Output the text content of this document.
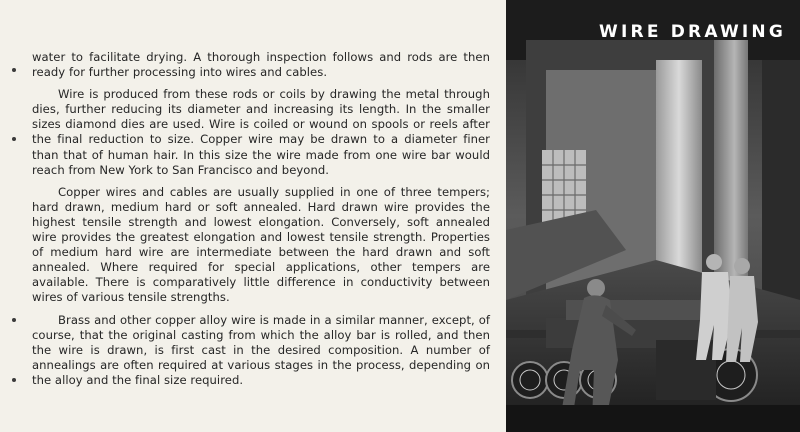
water to facilitate drying. A thorough inspection follows and rods are then ready for further processing into wires and cables.

Wire is produced from these rods or coils by drawing the metal through dies, further reducing its diameter and increasing its length. In the smaller sizes diamond dies are used. Wire is coiled or wound on spools or reels after the final reduction to size. Copper wire may be drawn to a diameter finer than that of human hair. In this size the wire made from one wire bar would reach from New York to San Francisco and beyond.

Copper wires and cables are usually supplied in one of three tempers; hard drawn, medium hard or soft annealed. Hard drawn wire provides the highest tensile strength and lowest elongation. Conversely, soft annealed wire provides the greatest elongation and lowest tensile strength. Properties of medium hard wire are intermediate between the hard drawn and soft annealed. Where required for special applications, other tempers are available. There is comparatively little difference in conductivity between wires of various tensile strengths.

Brass and other copper alloy wire is made in a similar manner, except, of course, that the original casting from which the alloy bar is rolled, and then the wire is drawn, is first cast in the desired composition. A number of annealings are often required at various stages in the process, depending on the alloy and the final size required.

WIRE DRAWING
